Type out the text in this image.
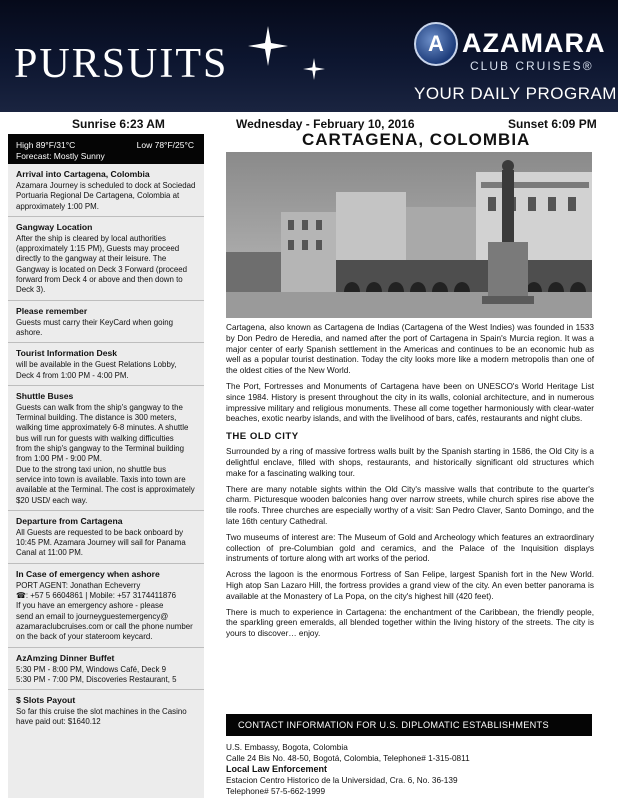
PURSUITS	A AZAMARA
CLUB CRUISES®
YOUR DAILY PROGRAM
Sunrise 6:23 AM	Wednesday - February 10, 2016	Sunset 6:09 PM
High 89°F/31°C
Forecast: Mostly Sunny
Low 78°F/25°C
Arrival into Cartagena, Colombia

Azamara Journey is scheduled to dock at Sociedad
Portuaria Regional De Cartagena, Colombia at
approximately 1:00 PM.

Gangway Location

After the ship is cleared by local authorities
(approximately 1:15 PM), Guests may proceed
directly to the gangway at their leisure. The
Gangway is located on Deck 3 Forward (proceed
forward from Deck 4 or above and then down to
Deck 3).

Please remember

Guests must carry their KeyCard when going
ashore.

Tourist Information Desk

will be available in the Guest Relations Lobby,
Deck 4 from 1:00 PM - 4:00 PM.

Shuttle Buses

Guests can walk from the ship's gangway to the
Terminal building. The distance is 300 meters,
walking time approximately 6-8 minutes. A shuttle
bus will run for guests with walking difficulties
from the ship's gangway to the Terminal building
from 1:00 PM - 9:00 PM.
Due to the strong taxi union, no shuttle bus
service into town is available. Taxis into town are
available at the Terminal. The cost is approximately
$20 USD/ each way.

Departure from Cartagena

All Guests are requested to be back onboard by
10:45 PM. Azamara Journey will sail for Panama
Canal at 11:00 PM.

In Case of emergency when ashore

PORT AGENT: Jonathan Echeverry
☎: +57 5 6604861 | Mobile: +57 3174411876
If you have an emergency ashore - please
send an email to journeyguestemergency@
azamaraclubcruises.com or call the phone number
on the back of your stateroom keycard.

AzAmzing Dinner Buffet

5:30 PM - 8:00 PM, Windows Café, Deck 9
5:30 PM - 7:00 PM, Discoveries Restaurant, 5

$ Slots Payout

So far this cruise the slot machines in the Casino
have paid out: $1640.12

CARTAGENA, COLOMBIA

Cartagena, also known as Cartagena de Indias (Cartagena of the West Indies) was founded in 1533 by Don Pedro de Heredia, and named after the port of Cartagena in Spain's Murcia region. It was a major center of early Spanish settlement in the Americas and continues to be an economic hub as well as a popular tourist destination. Today the city looks more like a modern metropolis than one of the oldest cities of the New World.

The Port, Fortresses and Monuments of Cartagena have been on UNESCO's World Heritage List since 1984. History is present throughout the city in its walls, colonial architecture, and in numerous impressive military and religious monuments. These all come together harmoniously with clear-water beaches, exotic nearby islands, and with the livelihood of bars, cafés, restaurants and night clubs.

THE OLD CITY

Surrounded by a ring of massive fortress walls built by the Spanish starting in 1586, the Old City is a delightful enclave, filled with shops, restaurants, and historically significant old structures which make for a fascinating walking tour.

There are many notable sights within the Old City's massive walls that contribute to the quarter's charm. Picturesque wooden balconies hang over narrow streets, while church spires rise above the tile roofs. Three churches are especially worthy of a visit: San Pedro Claver, Santo Domingo, and the late 16th century Cathedral.

Two museums of interest are: The Museum of Gold and Archeology which features an extraordinary collection of pre-Columbian gold and ceramics, and the Palace of the Inquisition displays instruments of torture along with art works of the period.

Across the lagoon is the enormous Fortress of San Felipe, largest Spanish fort in the New World. High atop San Lazaro Hill, the fortress provides a grand view of the city. An even better panorama is available at the Monastery of La Popa, on the city's highest hill (420 feet).

There is much to experience in Cartagena: the enchantment of the Caribbean, the friendly people, the sparkling green emeralds, all blended together within the living history of the streets. The city is yours to discover… enjoy.

CONTACT INFORMATION FOR U.S. DIPLOMATIC ESTABLISHMENTS
U.S. Embassy, Bogota, Colombia
Calle 24 Bis No. 48-50, Bogotá, Colombia, Telephone# 1-315-0811
Local Law Enforcement
Estacion Centro Historico de la Universidad, Cra. 6, No. 36-139
Telephone# 57-5-662-1999
